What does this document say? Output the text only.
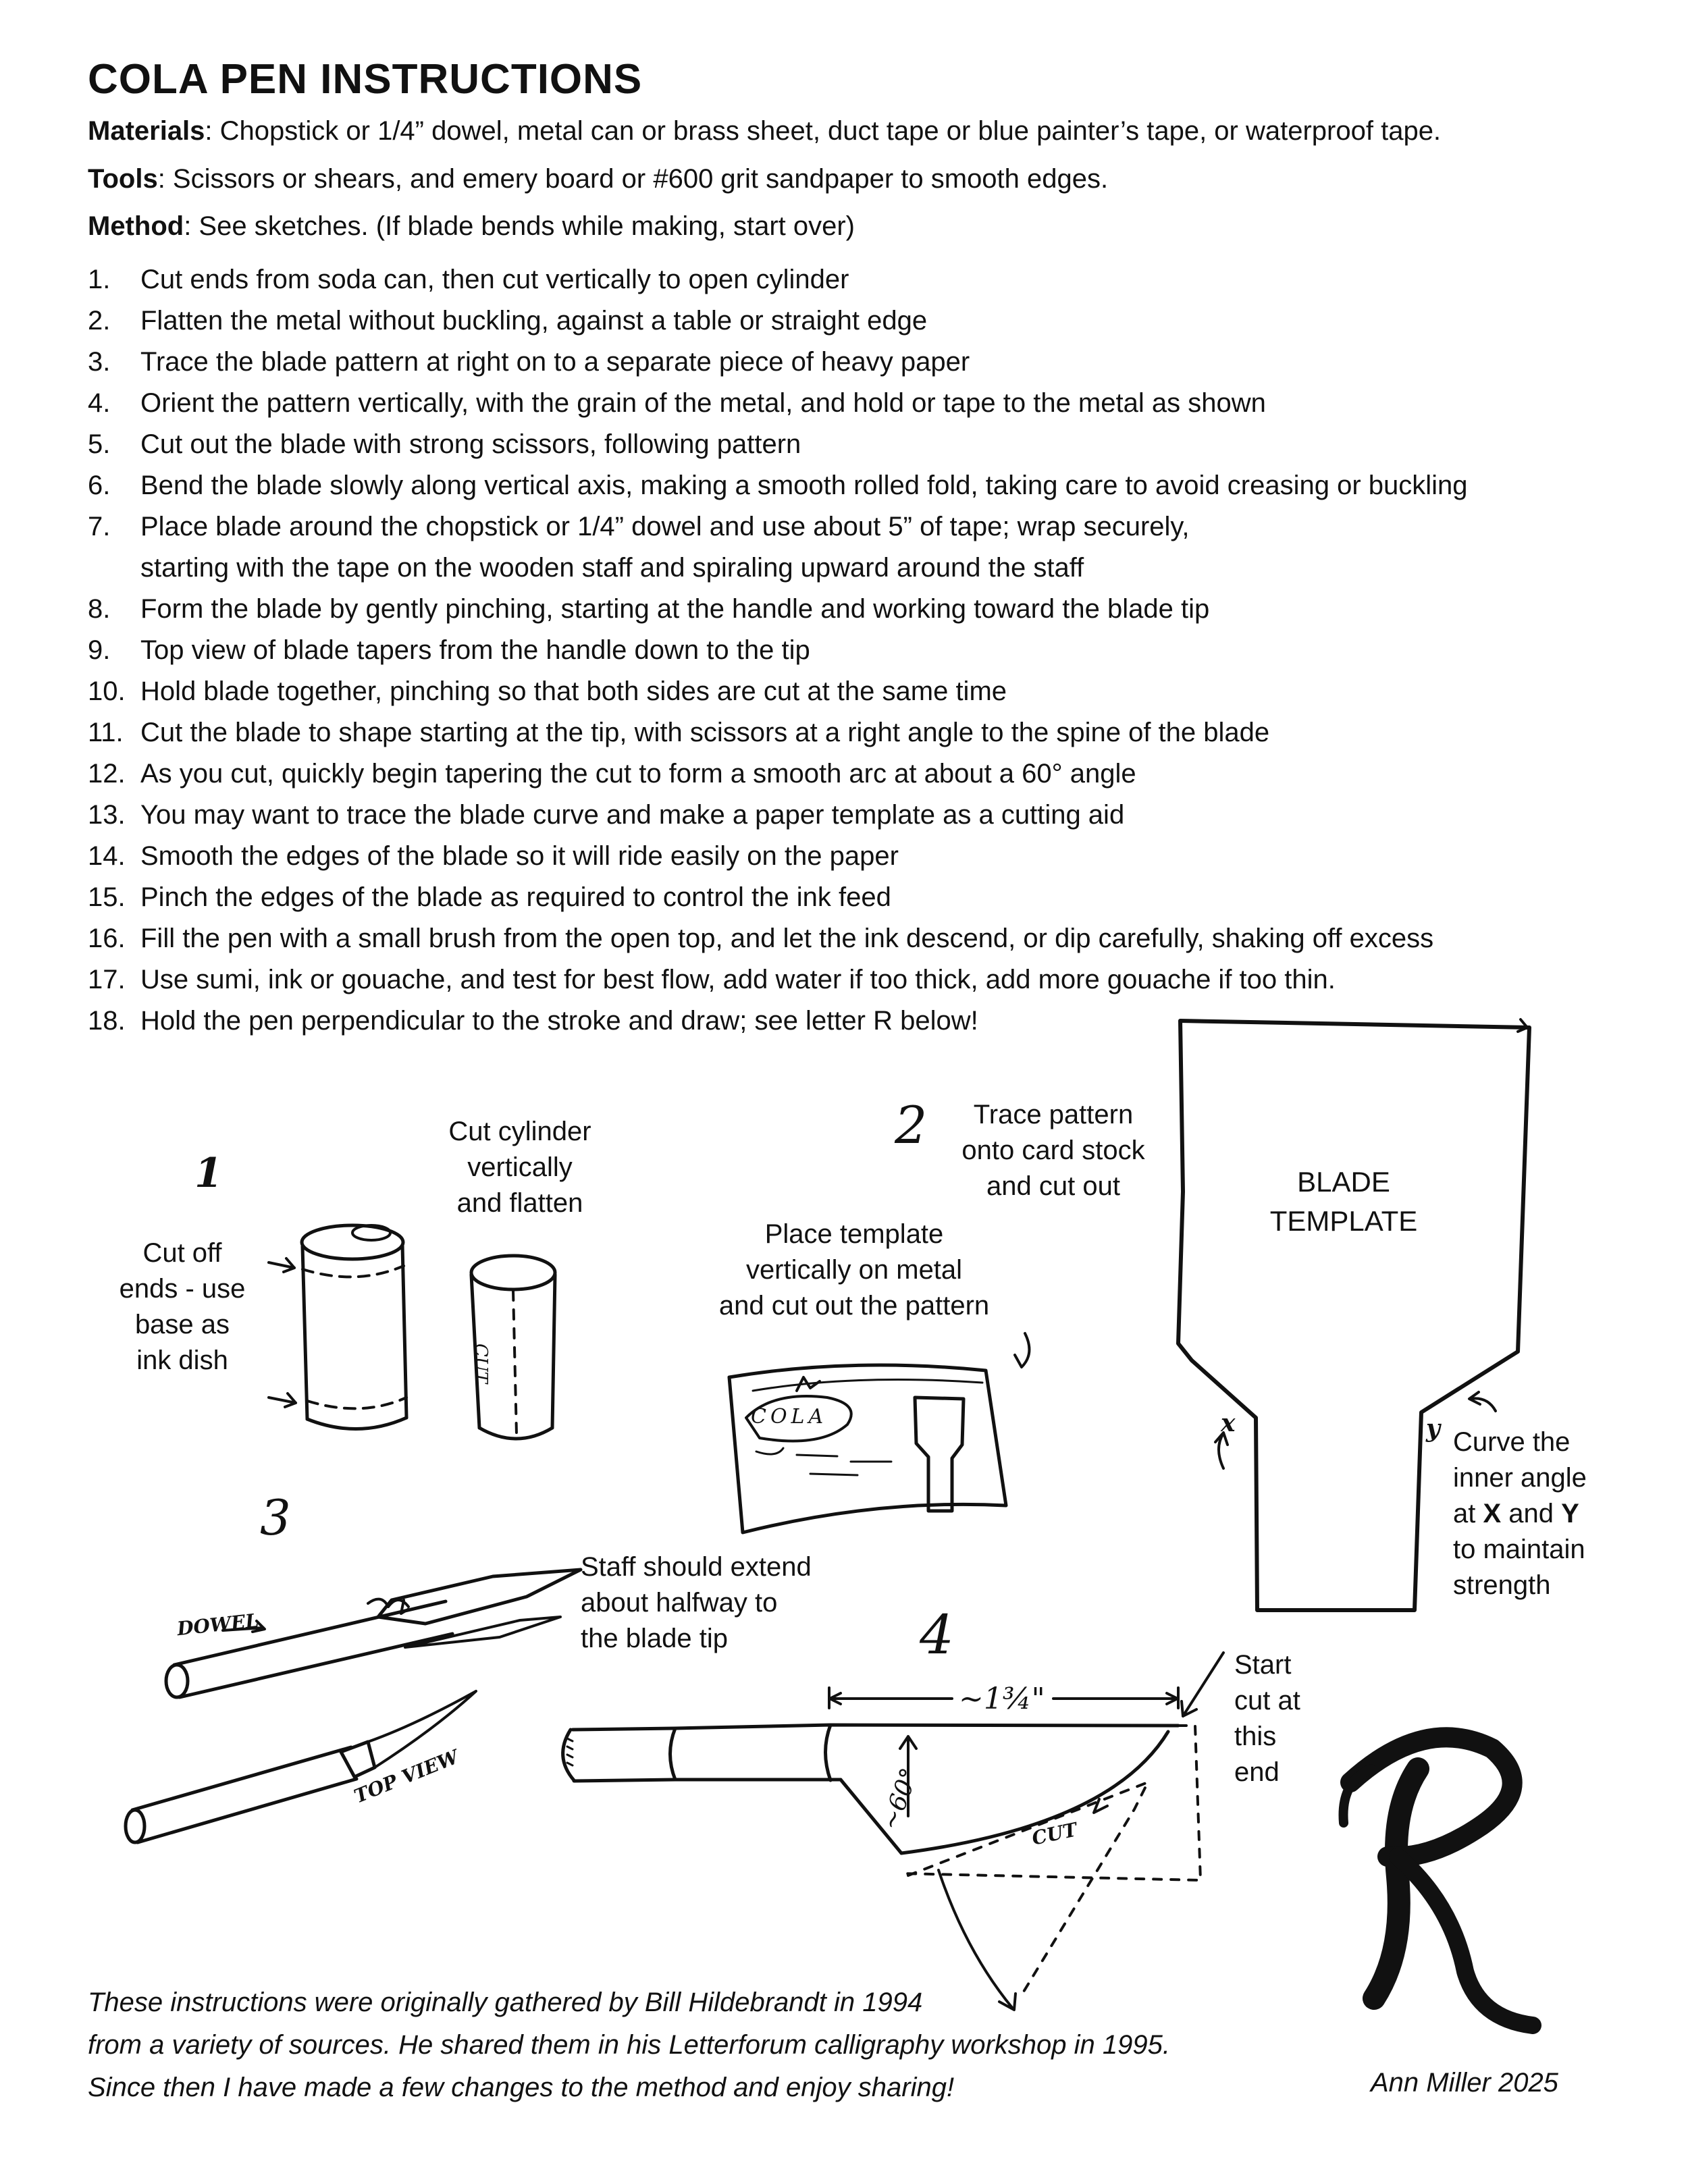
COLA PEN INSTRUCTIONS
Materials: Chopstick or 1/4” dowel, metal can or brass sheet, duct tape or blue painter’s tape, or waterproof tape.
Tools: Scissors or shears, and emery board or #600 grit sandpaper to smooth edges.
Method: See sketches. (If blade bends while making, start over)
1. Cut ends from soda can, then cut vertically to open cylinder
2. Flatten the metal without buckling, against a table or straight edge
3. Trace the blade pattern at right on to a separate piece of heavy paper
4. Orient the pattern vertically, with the grain of the metal, and hold or tape to the metal as shown
5. Cut out the blade with strong scissors, following pattern
6. Bend the blade slowly along vertical axis, making a smooth rolled fold, taking care to avoid creasing or buckling
7. Place blade around the chopstick or 1/4” dowel and use about 5” of tape; wrap securely,
starting with the tape on the wooden staff and spiraling upward around the staff
8. Form the blade by gently pinching, starting at the handle and working toward the blade tip
9. Top view of blade tapers from the handle down to the tip
10. Hold blade together, pinching so that both sides are cut at the same time
11. Cut the blade to shape starting at the tip, with scissors at a right angle to the spine of the blade
12. As you cut, quickly begin tapering the cut to form a smooth arc at about a 60° angle
13. You may want to trace the blade curve and make a paper template as a cutting aid
14. Smooth the edges of the blade so it will ride easily on the paper
15. Pinch the edges of the blade as required to control the ink feed
16. Fill the pen with a small brush from the open top, and let the ink descend, or dip carefully, shaking off excess
17. Use sumi, ink or gouache, and test for best flow, add water if too thick, add more gouache if too thin.
18. Hold the pen perpendicular to the stroke and draw; see letter R below!
1
Cut off
ends - use
base as
ink dish
Cut cylinder
vertically
and flatten
CUT
2	Trace pattern
onto card stock
and cut out
Place template
vertically on metal
and cut out the pattern
COLA
BLADE
TEMPLATE
x	y Curve the
inner angle
at X and Y
to maintain
strength
3
DOWEL
TOP VIEW
Staff should extend
about halfway to
the blade tip	4
~1¾"
~60°
CUT
Start
cut at
this
end
These instructions were originally gathered by Bill Hildebrandt in 1994
from a variety of sources. He shared them in his Letterforum calligraphy workshop in 1995.
Since then I have made a few changes to the method and enjoy sharing!	Ann Miller 2025
